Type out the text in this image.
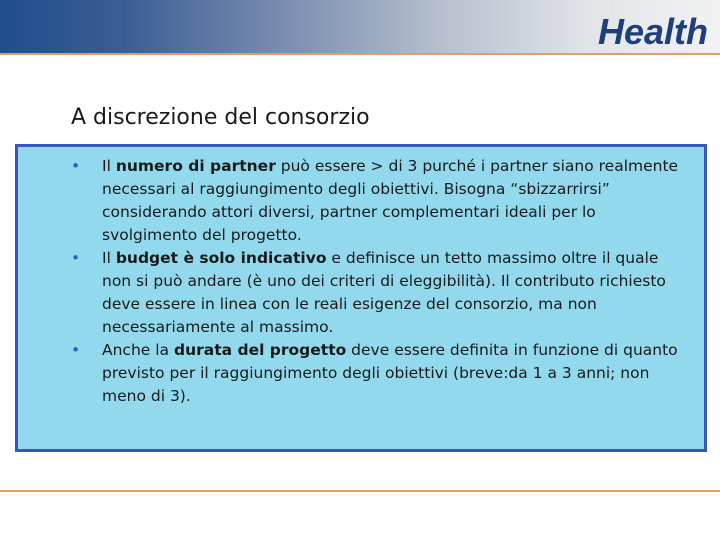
Health
A discrezione del consorzio
• Il numero di partner può essere > di 3 purché i partner siano realmente necessari al raggiungimento degli obiettivi. Bisogna “sbizzarrirsi” considerando attori diversi, partner complementari ideali per lo svolgimento del progetto.
• Il budget è solo indicativo e definisce un tetto massimo oltre il quale non si può andare (è uno dei criteri di eleggibilità). Il contributo richiesto deve essere in linea con le reali esigenze del consorzio, ma non necessariamente al massimo.
• Anche la durata del progetto deve essere definita in funzione di quanto previsto per il raggiungimento degli obiettivi (breve:da 1 a 3 anni; non meno di 3).
